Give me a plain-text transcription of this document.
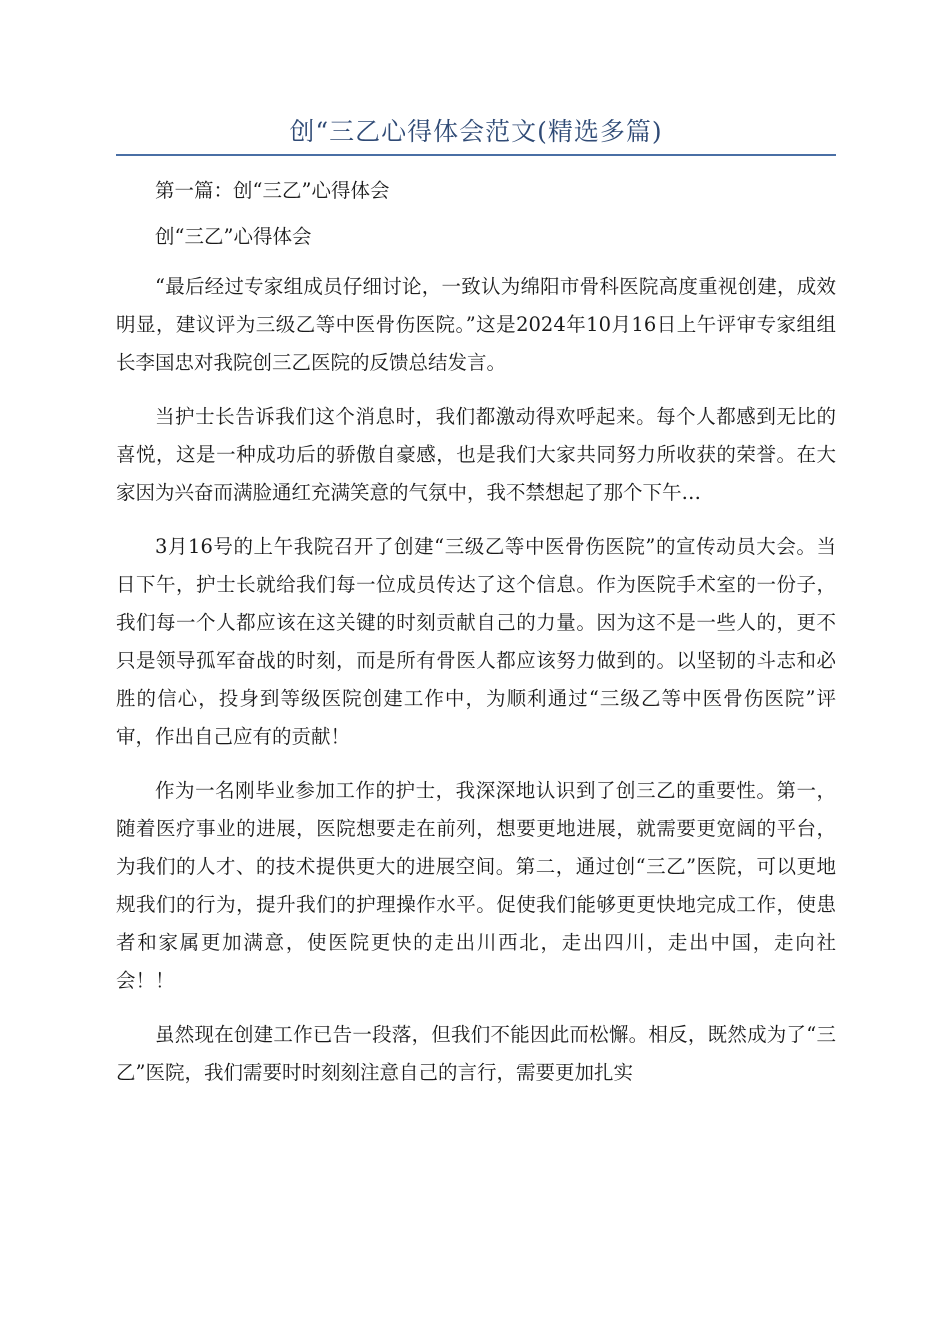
创“三乙心得体会范文(精选多篇)

第一篇：创“三乙”心得体会

创“三乙”心得体会

“最后经过专家组成员仔细讨论，一致认为绵阳市骨科医院高度重视创建，成效明显，建议评为三级乙等中医骨伤医院。”这是2024年10月16日上午评审专家组组长李国忠对我院创三乙医院的反馈总结发言。

当护士长告诉我们这个消息时，我们都激动得欢呼起来。每个人都感到无比的喜悦，这是一种成功后的骄傲自豪感，也是我们大家共同努力所收获的荣誉。在大家因为兴奋而满脸通红充满笑意的气氛中，我不禁想起了那个下午…

3月16号的上午我院召开了创建“三级乙等中医骨伤医院”的宣传动员大会。当日下午，护士长就给我们每一位成员传达了这个信息。作为医院手术室的一份子，我们每一个人都应该在这关键的时刻贡献自己的力量。因为这不是一些人的，更不只是领导孤军奋战的时刻，而是所有骨医人都应该努力做到的。以坚韧的斗志和必胜的信心，投身到等级医院创建工作中，为顺利通过“三级乙等中医骨伤医院”评审，作出自己应有的贡献！

作为一名刚毕业参加工作的护士，我深深地认识到了创三乙的重要性。第一，随着医疗事业的进展，医院想要走在前列，想要更地进展，就需要更宽阔的平台，为我们的人才、的技术提供更大的进展空间。第二，通过创“三乙”医院，可以更地规我们的行为，提升我们的护理操作水平。促使我们能够更更快地完成工作，使患者和家属更加满意，使医院更快的走出川西北，走出四川，走出中国，走向社会！！

虽然现在创建工作已告一段落，但我们不能因此而松懈。相反，既然成为了“三乙”医院，我们需要时时刻刻注意自己的言行，需要更加扎实
